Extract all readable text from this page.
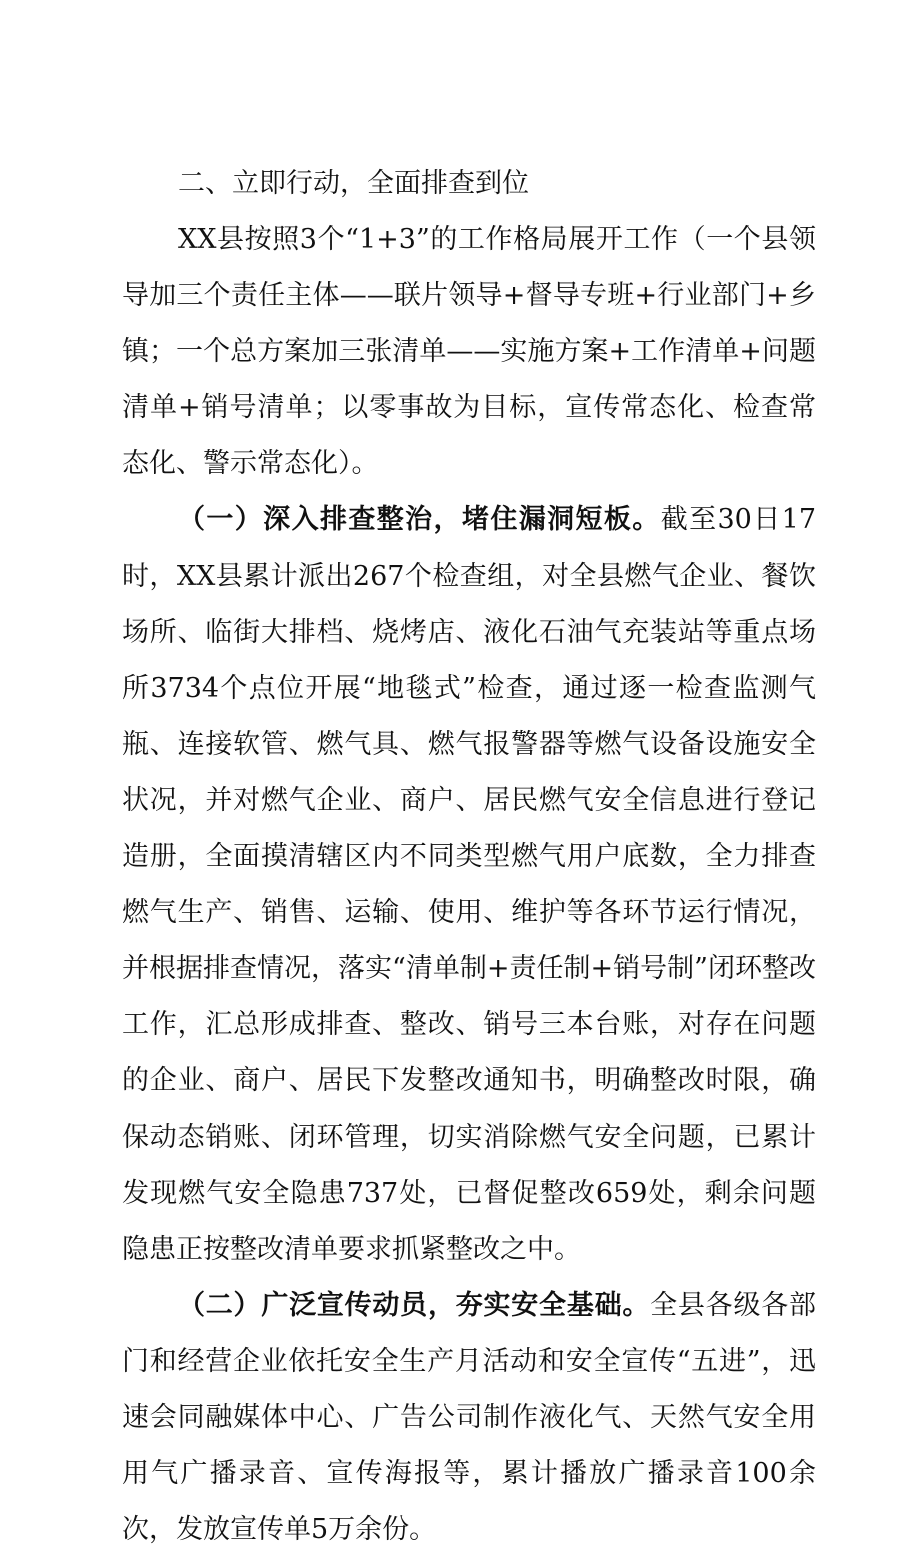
二、立即行动，全面排查到位

XX县按照3个“1+3”的工作格局展开工作（一个县领导加三个责任主体——联片领导+督导专班+行业部门+乡镇；一个总方案加三张清单——实施方案+工作清单+问题清单+销号清单；以零事故为目标，宣传常态化、检查常态化、警示常态化）。

（一）深入排查整治，堵住漏洞短板。截至30日17时，XX县累计派出267个检查组，对全县燃气企业、餐饮场所、临街大排档、烧烤店、液化石油气充装站等重点场所3734个点位开展“地毯式”检查，通过逐一检查监测气瓶、连接软管、燃气具、燃气报警器等燃气设备设施安全状况，并对燃气企业、商户、居民燃气安全信息进行登记造册，全面摸清辖区内不同类型燃气用户底数，全力排查燃气生产、销售、运输、使用、维护等各环节运行情况，并根据排查情况，落实“清单制+责任制+销号制”闭环整改工作，汇总形成排查、整改、销号三本台账，对存在问题的企业、商户、居民下发整改通知书，明确整改时限，确保动态销账、闭环管理，切实消除燃气安全问题，已累计发现燃气安全隐患737处，已督促整改659处，剩余问题隐患正按整改清单要求抓紧整改之中。

（二）广泛宣传动员，夯实安全基础。全县各级各部门和经营企业依托安全生产月活动和安全宣传“五进”，迅速会同融媒体中心、广告公司制作液化气、天然气安全用用气广播录音、宣传海报等，累计播放广播录音100余次，发放宣传单5万余份。
